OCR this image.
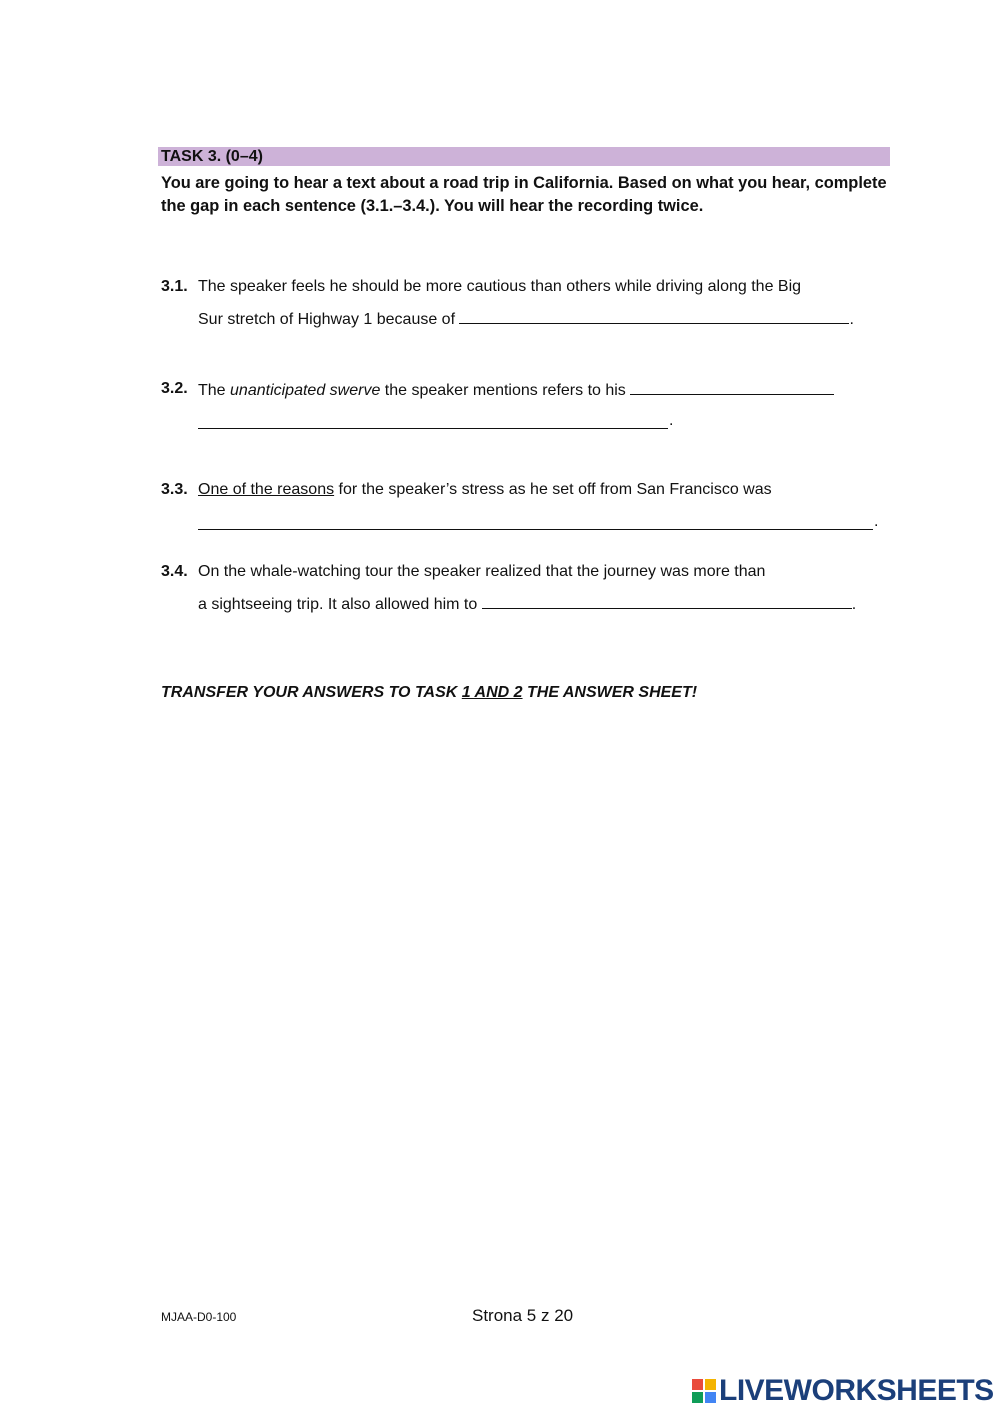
TASK 3. (0–4)
You are going to hear a text about a road trip in California. Based on what you hear, complete the gap in each sentence (3.1.–3.4.). You will hear the recording twice.
3.1. The speaker feels he should be more cautious than others while driving along the Big
Sur stretch of Highway 1 because of	.
3.2. The unanticipated swerve the speaker mentions refers to his
.
3.3. One of the reasons for the speaker’s stress as he set off from San Francisco was
.
3.4. On the whale-watching tour the speaker realized that the journey was more than
a sightseeing trip. It also allowed him to	.
TRANSFER YOUR ANSWERS TO TASK 1 AND 2 THE ANSWER SHEET!
MJAA-D0-100	Strona 5 z 20
LIVEWORKSHEETS
